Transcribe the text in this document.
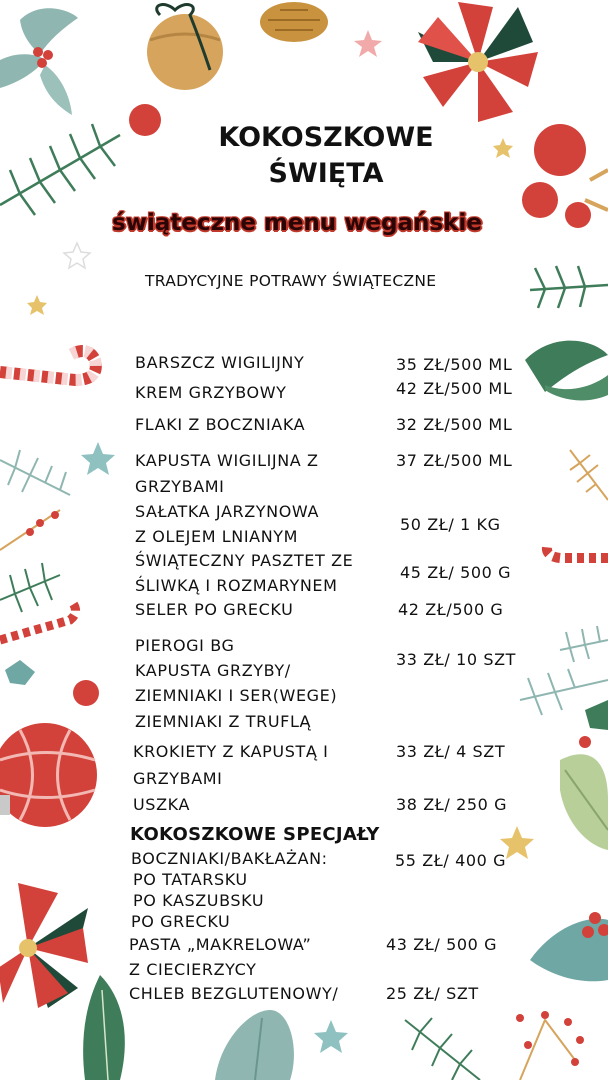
KOKOSZKOWE
ŚWIĘTA
świąteczne menu wegańskie
TRADYCYJNE POTRAWY ŚWIĄTECZNE
BARSZCZ WIGILIJNY
KREM GRZYBOWY
FLAKI Z BOCZNIAKA
KAPUSTA WIGILIJNA Z
GRZYBAMI
SAŁATKA JARZYNOWA
Z OLEJEM LNIANYM
ŚWIĄTECZNY PASZTET ZE
ŚLIWKĄ I ROZMARYNEM
SELER PO GRECKU
PIEROGI BG
KAPUSTA GRZYBY/
ZIEMNIAKI I SER(WEGE)
ZIEMNIAKI Z TRUFLĄ
KROKIETY Z KAPUSTĄ I
GRZYBAMI
USZKA
35 ZŁ/500 ML
42 ZŁ/500 ML
32 ZŁ/500 ML
37 ZŁ/500 ML
50 ZŁ/ 1 KG
45 ZŁ/ 500 G
42 ZŁ/500 G
33 ZŁ/ 10 SZT
33 ZŁ/ 4 SZT
38 ZŁ/ 250 G
KOKOSZKOWE SPECJAŁY
BOCZNIAKI/BAKŁAŻAN:
PO TATARSKU
PO KASZUBSKU
PO GRECKU
PASTA „MAKRELOWA”
Z CIECIERZYCY
CHLEB BEZGLUTENOWY/
55 ZŁ/ 400 G
43 ZŁ/ 500 G
25 ZŁ/ SZT
